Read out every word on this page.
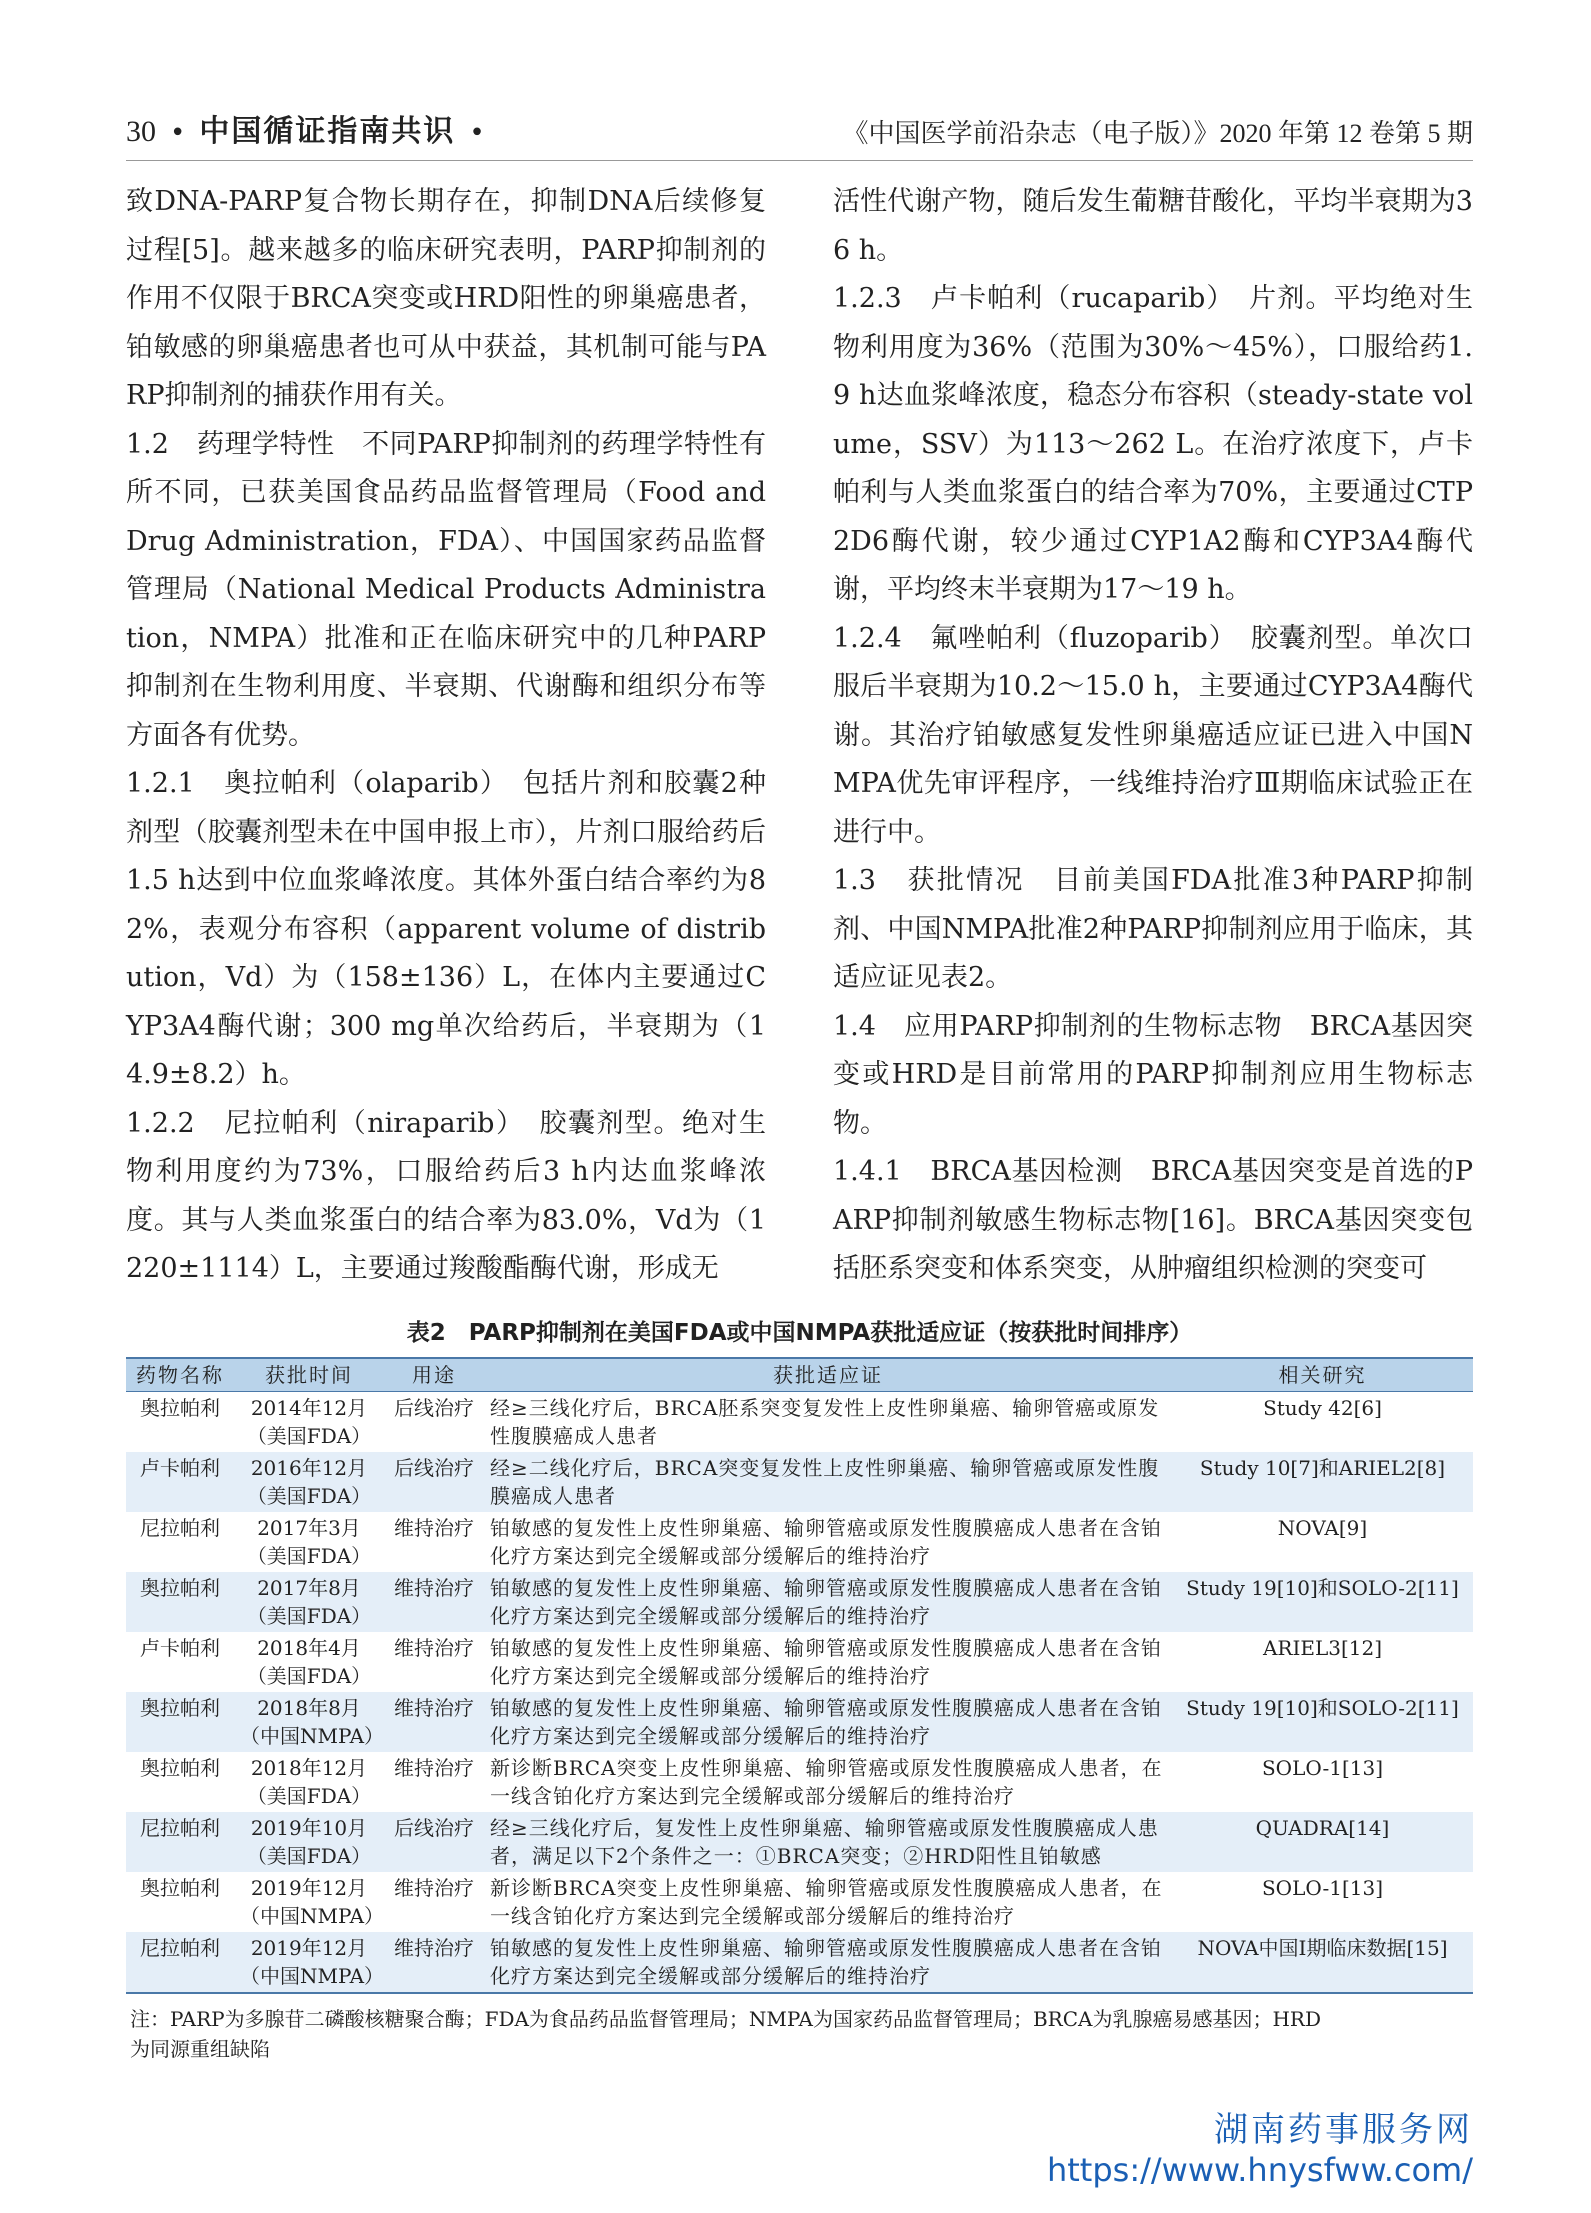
30 • 中国循证指南共识 •	《中国医学前沿杂志（电子版）》2020 年第 12 卷第 5 期

致DNA-PARP复合物长期存在，抑制DNA后续修复过程[5]。越来越多的临床研究表明，PARP抑制剂的作用不仅限于BRCA突变或HRD阳性的卵巢癌患者，铂敏感的卵巢癌患者也可从中获益，其机制可能与PARP抑制剂的捕获作用有关。

1.2　药理学特性　不同PARP抑制剂的药理学特性有所不同，已获美国食品药品监督管理局（Food and Drug Administration，FDA）、中国国家药品监督管理局（National Medical Products Administration，NMPA）批准和正在临床研究中的几种PARP抑制剂在生物利用度、半衰期、代谢酶和组织分布等方面各有优势。

1.2.1　奥拉帕利（olaparib）　包括片剂和胶囊2种剂型（胶囊剂型未在中国申报上市），片剂口服给药后1.5 h达到中位血浆峰浓度。其体外蛋白结合率约为82%，表观分布容积（apparent volume of distribution，Vd）为（158±136）L，在体内主要通过CYP3A4酶代谢；300 mg单次给药后，半衰期为（14.9±8.2）h。

1.2.2　尼拉帕利（niraparib）　胶囊剂型。绝对生物利用度约为73%，口服给药后3 h内达血浆峰浓度。其与人类血浆蛋白的结合率为83.0%，Vd为（1220±1114）L，主要通过羧酸酯酶代谢，形成无

活性代谢产物，随后发生葡糖苷酸化，平均半衰期为36 h。

1.2.3　卢卡帕利（rucaparib）　片剂。平均绝对生物利用度为36%（范围为30%～45%），口服给药1.9 h达血浆峰浓度，稳态分布容积（steady-state volume，SSV）为113～262 L。在治疗浓度下，卢卡帕利与人类血浆蛋白的结合率为70%，主要通过CTP2D6酶代谢，较少通过CYP1A2酶和CYP3A4酶代谢，平均终末半衰期为17～19 h。

1.2.4　氟唑帕利（fluzoparib）　胶囊剂型。单次口服后半衰期为10.2～15.0 h，主要通过CYP3A4酶代谢。其治疗铂敏感复发性卵巢癌适应证已进入中国NMPA优先审评程序，一线维持治疗Ⅲ期临床试验正在进行中。

1.3　获批情况　目前美国FDA批准3种PARP抑制剂、中国NMPA批准2种PARP抑制剂应用于临床，其适应证见表2。

1.4　应用PARP抑制剂的生物标志物　BRCA基因突变或HRD是目前常用的PARP抑制剂应用生物标志物。

1.4.1　BRCA基因检测　BRCA基因突变是首选的PARP抑制剂敏感生物标志物[16]。BRCA基因突变包括胚系突变和体系突变，从肿瘤组织检测的突变可

表2　PARP抑制剂在美国FDA或中国NMPA获批适应证（按获批时间排序）
药物名称	获批时间	用途	获批适应证	相关研究
奥拉帕利	2014年12月（美国FDA）	后线治疗	经≥三线化疗后，BRCA胚系突变复发性上皮性卵巢癌、输卵管癌或原发性腹膜癌成人患者	Study 42[6]
卢卡帕利	2016年12月（美国FDA）	后线治疗	经≥二线化疗后，BRCA突变复发性上皮性卵巢癌、输卵管癌或原发性腹膜癌成人患者	Study 10[7]和ARIEL2[8]
尼拉帕利	2017年3月（美国FDA）	维持治疗	铂敏感的复发性上皮性卵巢癌、输卵管癌或原发性腹膜癌成人患者在含铂化疗方案达到完全缓解或部分缓解后的维持治疗	NOVA[9]
奥拉帕利	2017年8月（美国FDA）	维持治疗	铂敏感的复发性上皮性卵巢癌、输卵管癌或原发性腹膜癌成人患者在含铂化疗方案达到完全缓解或部分缓解后的维持治疗	Study 19[10]和SOLO-2[11]
卢卡帕利	2018年4月（美国FDA）	维持治疗	铂敏感的复发性上皮性卵巢癌、输卵管癌或原发性腹膜癌成人患者在含铂化疗方案达到完全缓解或部分缓解后的维持治疗	ARIEL3[12]
奥拉帕利	2018年8月（中国NMPA）	维持治疗	铂敏感的复发性上皮性卵巢癌、输卵管癌或原发性腹膜癌成人患者在含铂化疗方案达到完全缓解或部分缓解后的维持治疗	Study 19[10]和SOLO-2[11]
奥拉帕利	2018年12月（美国FDA）	维持治疗	新诊断BRCA突变上皮性卵巢癌、输卵管癌或原发性腹膜癌成人患者，在一线含铂化疗方案达到完全缓解或部分缓解后的维持治疗	SOLO-1[13]
尼拉帕利	2019年10月（美国FDA）	后线治疗	经≥三线化疗后，复发性上皮性卵巢癌、输卵管癌或原发性腹膜癌成人患者，满足以下2个条件之一：①BRCA突变；②HRD阳性且铂敏感	QUADRA[14]
奥拉帕利	2019年12月（中国NMPA）	维持治疗	新诊断BRCA突变上皮性卵巢癌、输卵管癌或原发性腹膜癌成人患者，在一线含铂化疗方案达到完全缓解或部分缓解后的维持治疗	SOLO-1[13]
尼拉帕利	2019年12月（中国NMPA）	维持治疗	铂敏感的复发性上皮性卵巢癌、输卵管癌或原发性腹膜癌成人患者在含铂化疗方案达到完全缓解或部分缓解后的维持治疗	NOVA中国Ⅰ期临床数据[15]
注：PARP为多腺苷二磷酸核糖聚合酶；FDA为食品药品监督管理局；NMPA为国家药品监督管理局；BRCA为乳腺癌易感基因；HRD
为同源重组缺陷
湖南药事服务网
https://www.hnysfww.com/
